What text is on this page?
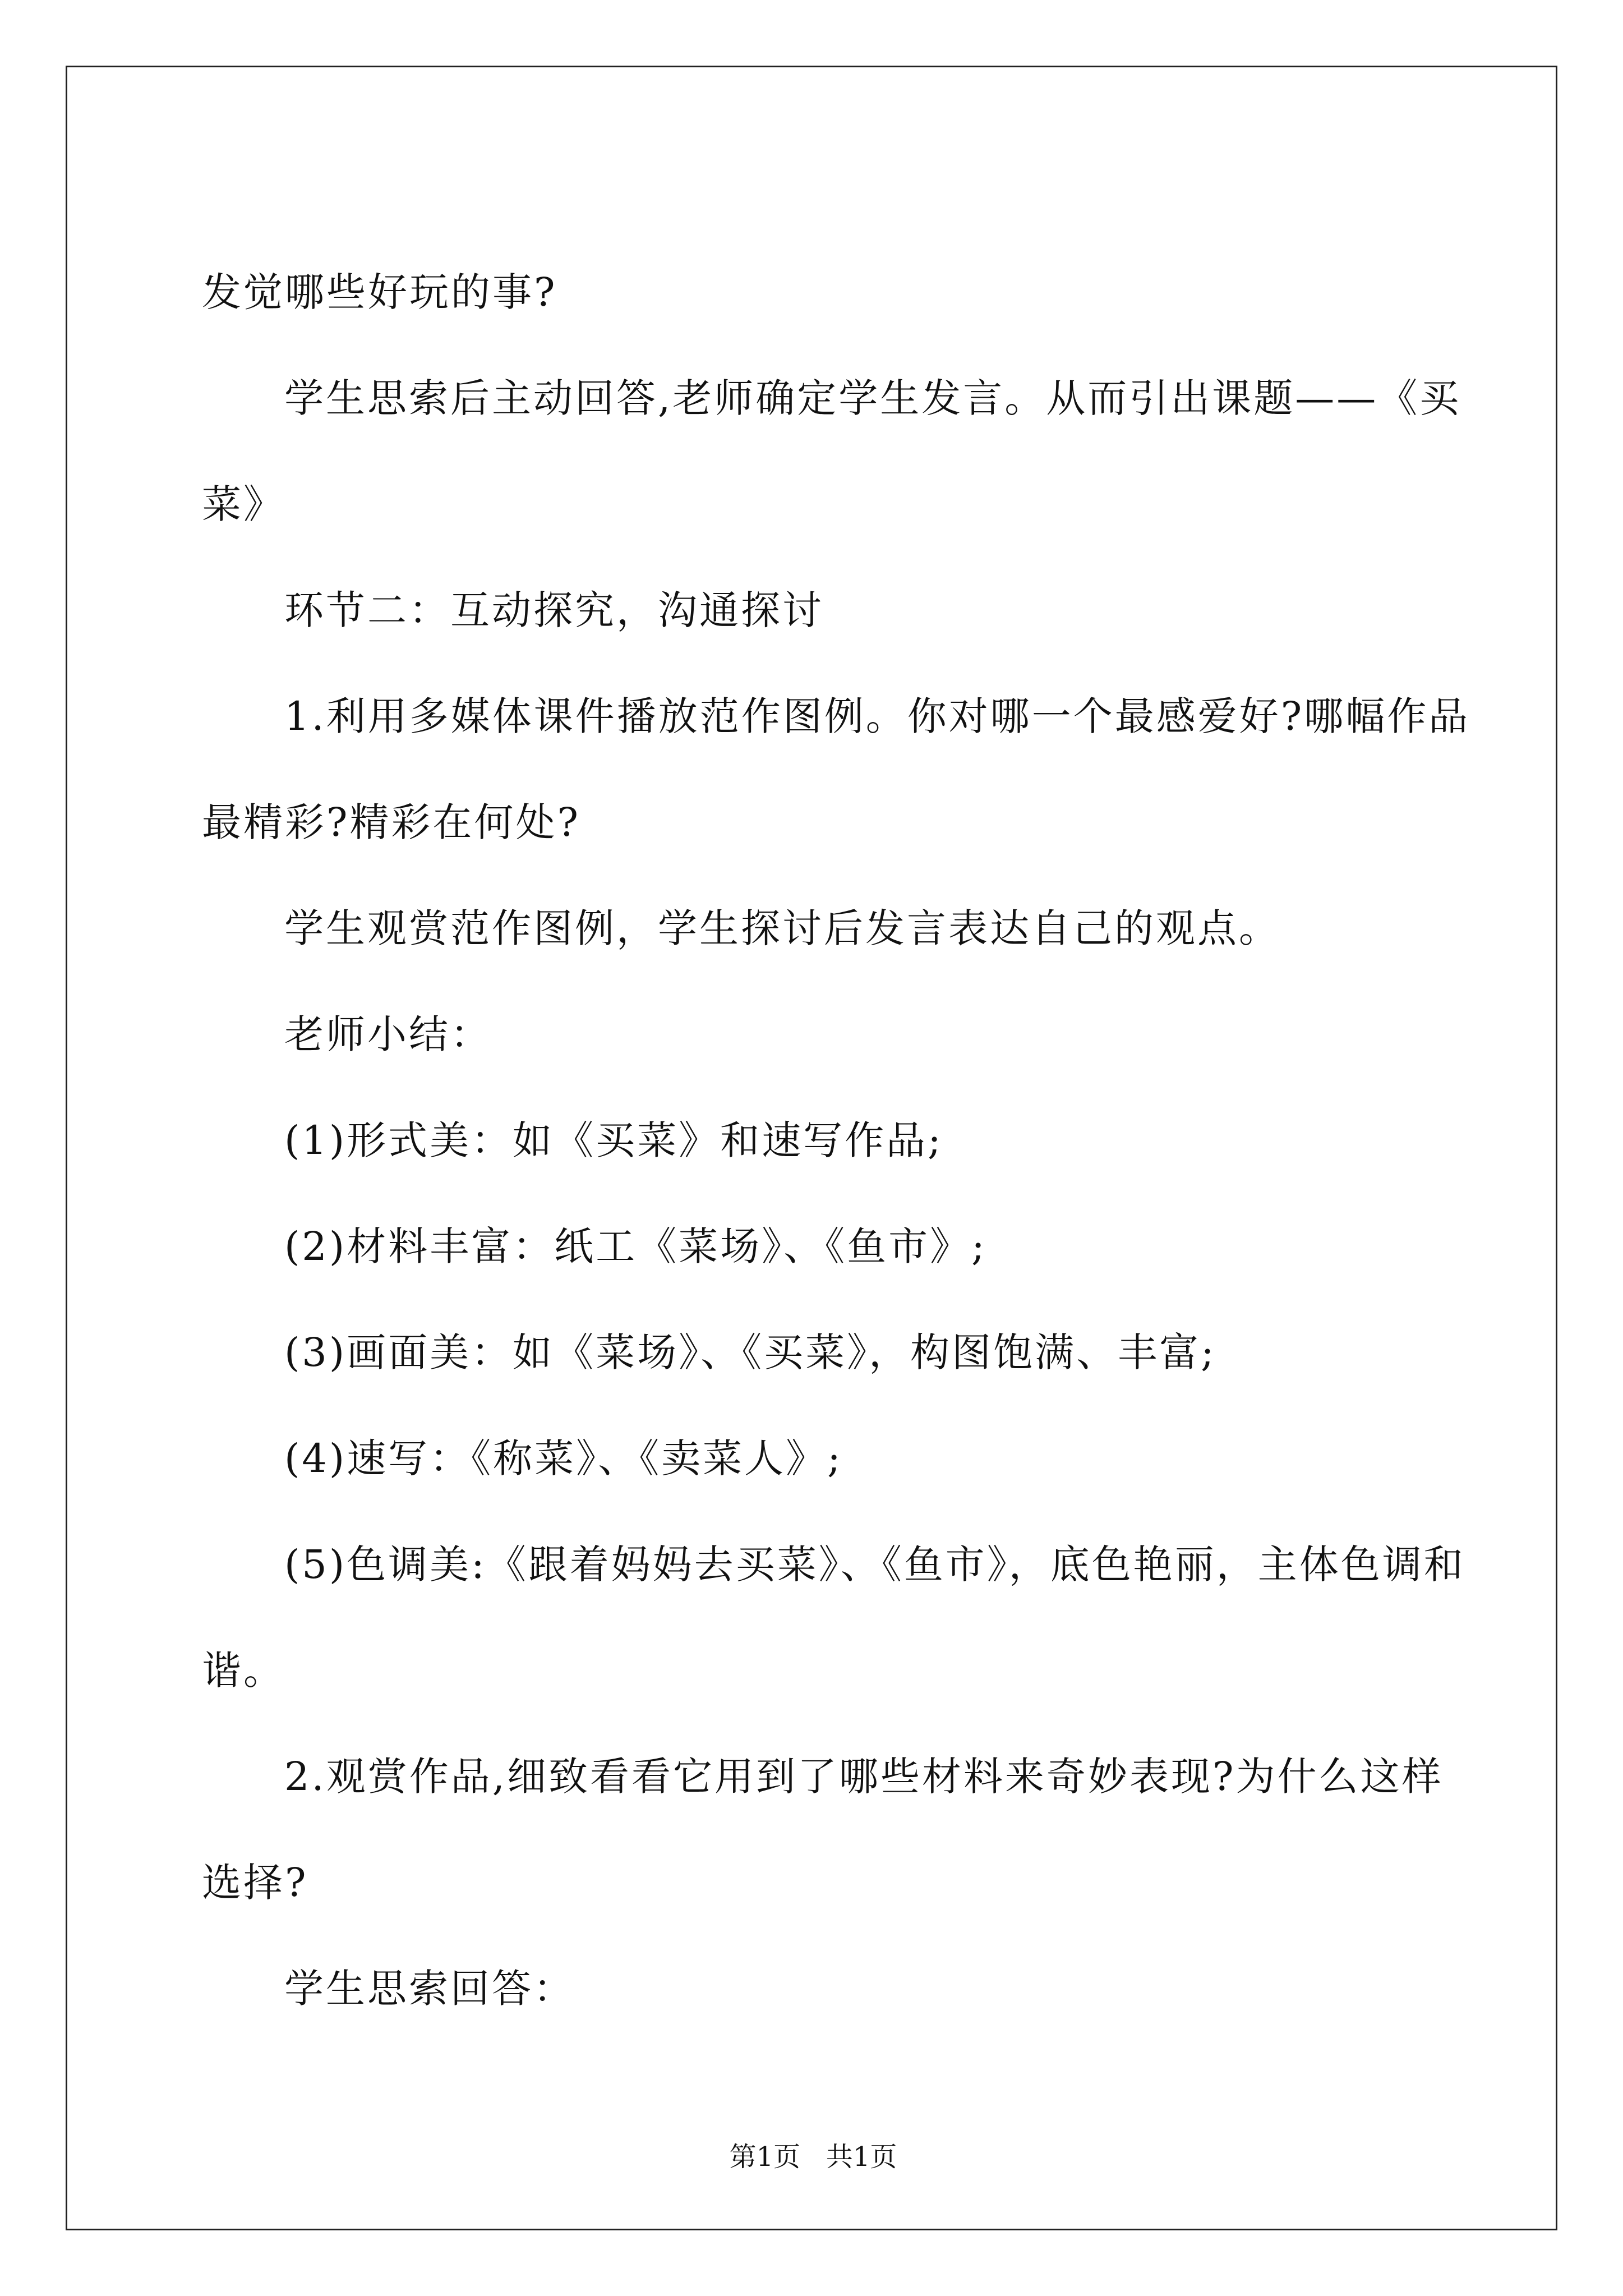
发觉哪些好玩的事?
学生思索后主动回答,老师确定学生发言。从而引出课题——《买
菜》
环节二：互动探究，沟通探讨
1.利用多媒体课件播放范作图例。你对哪一个最感爱好?哪幅作品
最精彩?精彩在何处?
学生观赏范作图例，学生探讨后发言表达自己的观点。
老师小结：
(1)形式美：如《买菜》和速写作品;
(2)材料丰富：纸工《菜场》、《鱼市》;
(3)画面美：如《菜场》、《买菜》，构图饱满、丰富;
(4)速写：《称菜》、《卖菜人》;
(5)色调美:《跟着妈妈去买菜》、《鱼市》，底色艳丽，主体色调和
谐。
2.观赏作品,细致看看它用到了哪些材料来奇妙表现?为什么这样
选择?
学生思索回答：
第1页   共1页
